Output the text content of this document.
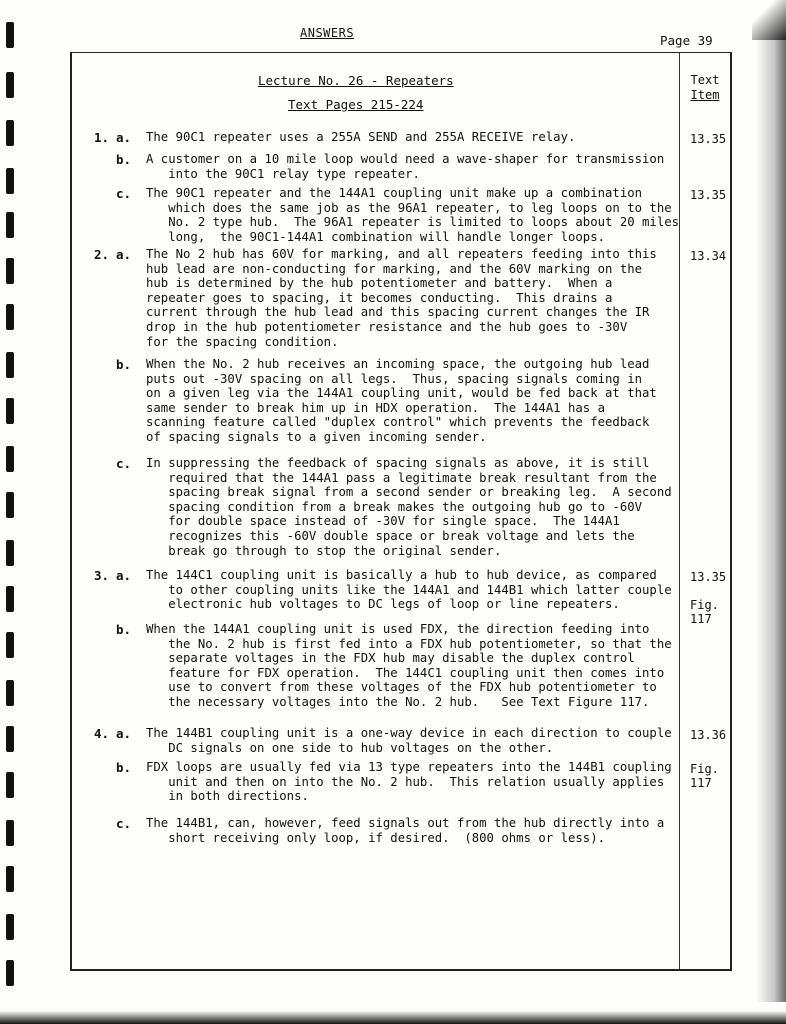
ANSWERS	Page 39
Lecture No. 26 - Repeaters
Text Pages 215-224
Text
Item
1. a. The 90C1 repeater uses a 255A SEND and 255A RECEIVE relay.	13.35
b. A customer on a 10 mile loop would need a wave-shaper for transmission
into the 90C1 relay type repeater.
c. The 90C1 repeater and the 144A1 coupling unit make up a combination
which does the same job as the 96A1 repeater, to leg loops on to the
No. 2 type hub.  The 96A1 repeater is limited to loops about 20 miles
long,  the 90C1-144A1 combination will handle longer loops.
13.35
2. a. The No 2 hub has 60V for marking, and all repeaters feeding into this
hub lead are non-conducting for marking, and the 60V marking on the
hub is determined by the hub potentiometer and battery.  When a
repeater goes to spacing, it becomes conducting.  This drains a
current through the hub lead and this spacing current changes the IR
drop in the hub potentiometer resistance and the hub goes to -30V
for the spacing condition.
13.34
b. When the No. 2 hub receives an incoming space, the outgoing hub lead
puts out -30V spacing on all legs.  Thus, spacing signals coming in
on a given leg via the 144A1 coupling unit, would be fed back at that
same sender to break him up in HDX operation.  The 144A1 has a
scanning feature called "duplex control" which prevents the feedback
of spacing signals to a given incoming sender.
c. In suppressing the feedback of spacing signals as above, it is still
required that the 144A1 pass a legitimate break resultant from the
spacing break signal from a second sender or breaking leg.  A second
spacing condition from a break makes the outgoing hub go to -60V
for double space instead of -30V for single space.  The 144A1
recognizes this -60V double space or break voltage and lets the
break go through to stop the original sender.
3. a. The 144C1 coupling unit is basically a hub to hub device, as compared
to other coupling units like the 144A1 and 144B1 which latter couple
electronic hub voltages to DC legs of loop or line repeaters.
13.35

Fig.
117
b. When the 144A1 coupling unit is used FDX, the direction feeding into
the No. 2 hub is first fed into a FDX hub potentiometer, so that the
separate voltages in the FDX hub may disable the duplex control
feature for FDX operation.  The 144C1 coupling unit then comes into
use to convert from these voltages of the FDX hub potentiometer to
the necessary voltages into the No. 2 hub.   See Text Figure 117.
4. a. The 144B1 coupling unit is a one-way device in each direction to couple
DC signals on one side to hub voltages on the other.
13.36
b. FDX loops are usually fed via 13 type repeaters into the 144B1 coupling
unit and then on into the No. 2 hub.  This relation usually applies
in both directions.
Fig.
117
c. The 144B1, can, however, feed signals out from the hub directly into a
short receiving only loop, if desired.  (800 ohms or less).
